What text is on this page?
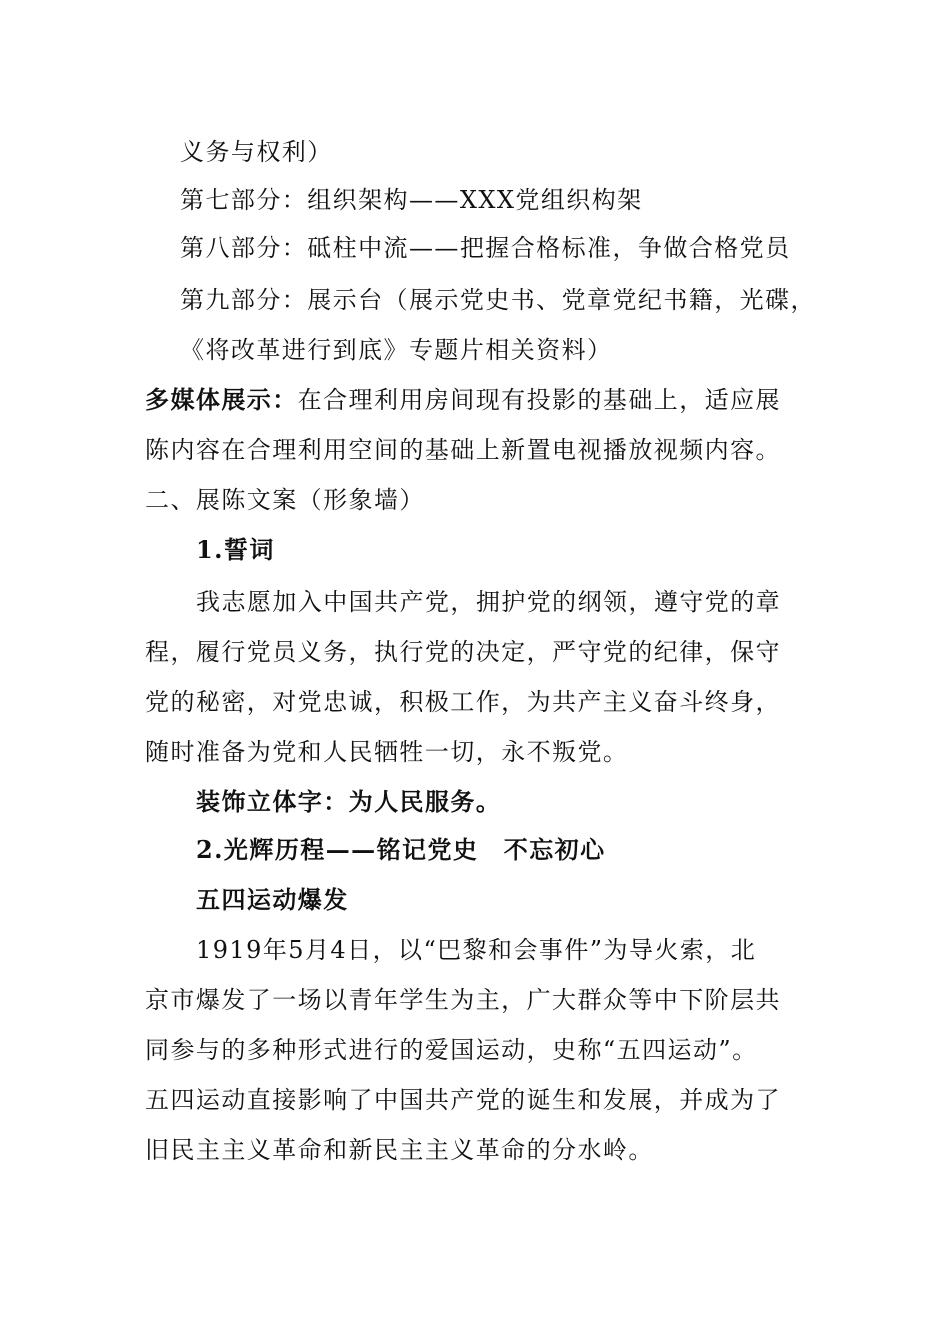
义务与权利）
第七部分：组织架构——XXX党组织构架
第八部分：砥柱中流——把握合格标准，争做合格党员
第九部分：展示台（展示党史书、党章党纪书籍，光碟，
《将改革进行到底》专题片相关资料）
多媒体展示：在合理利用房间现有投影的基础上，适应展
陈内容在合理利用空间的基础上新置电视播放视频内容。
二、展陈文案（形象墙）
1.誓词
我志愿加入中国共产党，拥护党的纲领，遵守党的章
程，履行党员义务，执行党的决定，严守党的纪律，保守
党的秘密，对党忠诚，积极工作，为共产主义奋斗终身，
随时准备为党和人民牺牲一切，永不叛党。
装饰立体字：为人民服务。
2.光辉历程——铭记党史　不忘初心
五四运动爆发
1919年5月4日，以“巴黎和会事件”为导火索，北
京市爆发了一场以青年学生为主，广大群众等中下阶层共
同参与的多种形式进行的爱国运动，史称“五四运动”。
五四运动直接影响了中国共产党的诞生和发展，并成为了
旧民主主义革命和新民主主义革命的分水岭。
